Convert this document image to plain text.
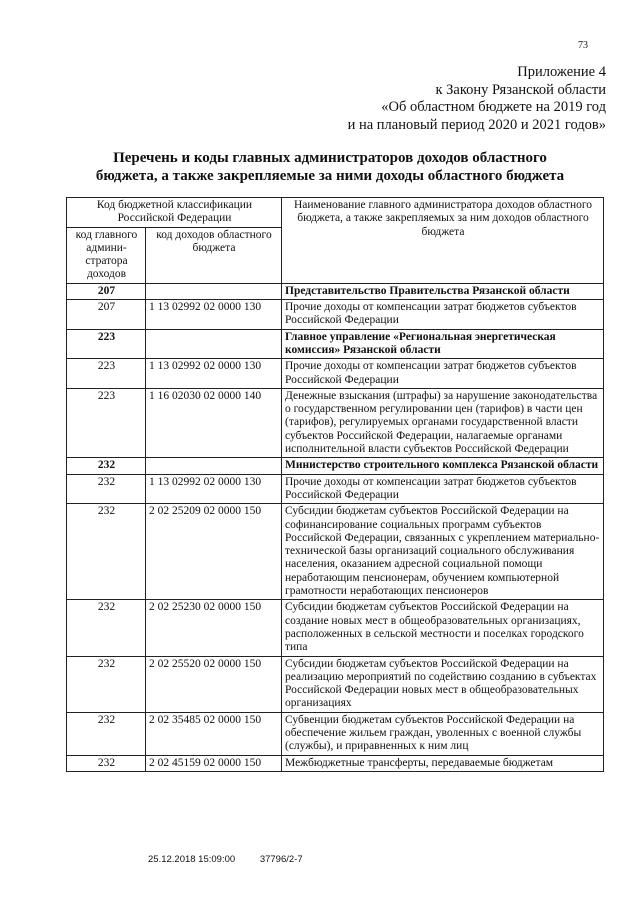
73
Приложение 4
к Закону Рязанской области
«Об областном бюджете на 2019 год
и на плановый период 2020 и 2021 годов»
Перечень и коды главных администраторов доходов областного
бюджета, а также закрепляемые за ними доходы областного бюджета
Код бюджетной классификации Российской Федерации		Наименование главного администратора доходов областного бюджета, а также закрепляемых за ним доходов областного бюджета
код главного админи-стратора доходов	код доходов областного бюджета	
207		Представительство Правительства Рязанской области
207	1 13 02992 02 0000 130	Прочие доходы от компенсации затрат бюджетов субъектов Российской Федерации
223		Главное управление «Региональная энергетическая комиссия» Рязанской области
223	1 13 02992 02 0000 130	Прочие доходы от компенсации затрат бюджетов субъектов Российской Федерации
223	1 16 02030 02 0000 140	Денежные взыскания (штрафы) за нарушение законодательства о государственном регулировании цен (тарифов) в части цен (тарифов), регулируемых органами государственной власти субъектов Российской Федерации, налагаемые органами исполнительной власти субъектов Российской Федерации
232		Министерство строительного комплекса Рязанской области
232	1 13 02992 02 0000 130	Прочие доходы от компенсации затрат бюджетов субъектов Российской Федерации
232	2 02 25209 02 0000 150	Субсидии бюджетам субъектов Российской Федерации на софинансирование социальных программ субъектов Российской Федерации, связанных с укреплением материально-технической базы организаций социального обслуживания населения, оказанием адресной социальной помощи неработающим пенсионерам, обучением компьютерной грамотности неработающих пенсионеров
232	2 02 25230 02 0000 150	Субсидии бюджетам субъектов Российской Федерации на создание новых мест в общеобразовательных организациях, расположенных в сельской местности и поселках городского типа
232	2 02 25520 02 0000 150	Субсидии бюджетам субъектов Российской Федерации на реализацию мероприятий по содействию созданию в субъектах Российской Федерации новых мест в общеобразовательных организациях
232	2 02 35485 02 0000 150	Субвенции бюджетам субъектов Российской Федерации на обеспечение жильем граждан, уволенных с военной службы (службы), и приравненных к ним лиц
232	2 02 45159 02 0000 150	Межбюджетные трансферты, передаваемые бюджетам
25.12.2018 15:09:00	37796/2-7
